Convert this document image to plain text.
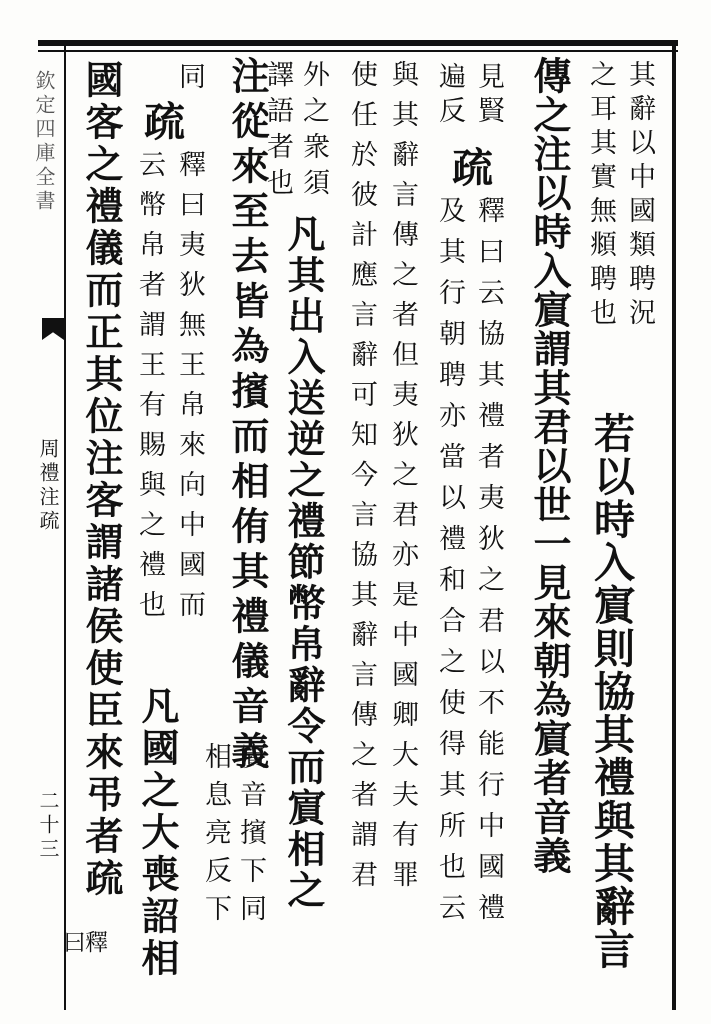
欽定四庫全書
周禮注疏
二十三
其辭以中國類聘況
之耳其實無頫聘也
若以時入賔則協其禮與其辭言
傳之注以時入賔謂其君以世一見來朝為賔者音義
見賢
遍反
疏
釋曰云協其禮者夷狄之君以不能行中國禮
及其行朝聘亦當以禮和合之使得其所也云
與其辭言傳之者但夷狄之君亦是中國卿大夫有罪
使任於彼計應言辭可知今言協其辭言傳之者謂君
外之衆須
譯語者也
凡其出入送逆之禮節幣帛辭令而賔相之
注從來至去皆為擯而相侑其禮儀音義
賔音擯下同
相息亮反下
同
疏
釋曰夷狄無王帛來向中國而
云幣帛者謂王有賜與之禮也
凡國之大喪詔相
國客之禮儀而正其位注客謂諸侯使臣來弔者疏
釋
曰
